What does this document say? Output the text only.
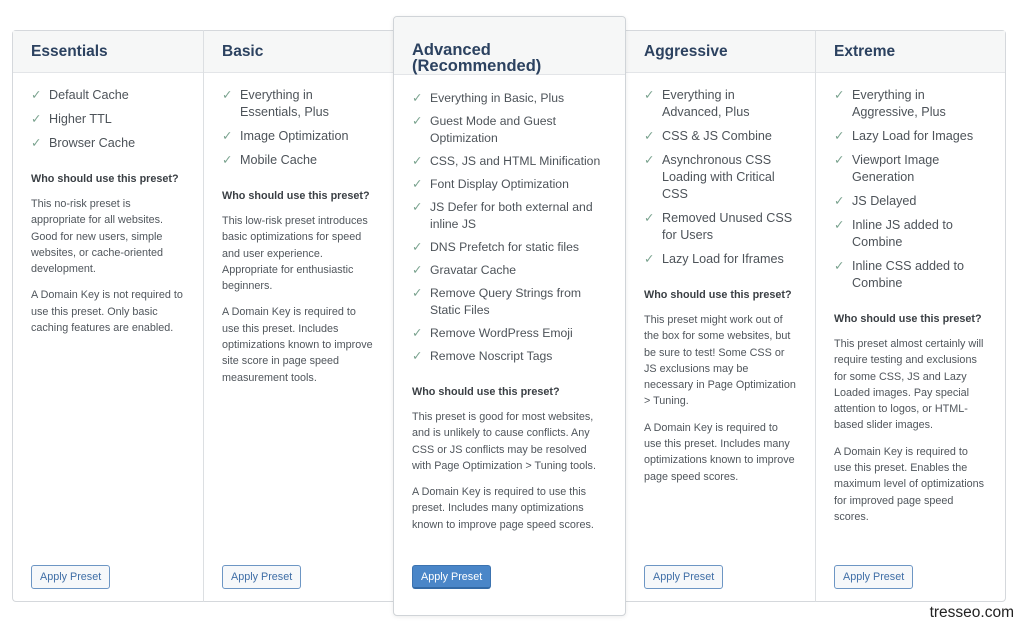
Essentials
✓ Default Cache
✓ Higher TTL
✓ Browser Cache
Who should use this preset?

This no-risk preset is appropriate for all websites. Good for new users, simple websites, or cache-oriented development.

A Domain Key is not required to use this preset. Only basic caching features are enabled.

Apply Preset
Basic
✓ Everything in Essentials, Plus
✓ Image Optimization
✓ Mobile Cache
Who should use this preset?

This low-risk preset introduces basic optimizations for speed and user experience. Appropriate for enthusiastic beginners.

A Domain Key is required to use this preset. Includes optimizations known to improve site score in page speed measurement tools.

Apply Preset
Advanced (Recommended)
✓ Everything in Basic, Plus
✓ Guest Mode and Guest Optimization
✓ CSS, JS and HTML Minification
✓ Font Display Optimization
✓ JS Defer for both external and inline JS
✓ DNS Prefetch for static files
✓ Gravatar Cache
✓ Remove Query Strings from Static Files
✓ Remove WordPress Emoji
✓ Remove Noscript Tags
Who should use this preset?

This preset is good for most websites, and is unlikely to cause conflicts. Any CSS or JS conflicts may be resolved with Page Optimization > Tuning tools.

A Domain Key is required to use this preset. Includes many optimizations known to improve page speed scores.

Apply Preset
Aggressive
✓ Everything in Advanced, Plus
✓ CSS & JS Combine
✓ Asynchronous CSS Loading with Critical CSS
✓ Removed Unused CSS for Users
✓ Lazy Load for Iframes
Who should use this preset?

This preset might work out of the box for some websites, but be sure to test! Some CSS or JS exclusions may be necessary in Page Optimization > Tuning.

A Domain Key is required to use this preset. Includes many optimizations known to improve page speed scores.

Apply Preset
Extreme
✓ Everything in Aggressive, Plus
✓ Lazy Load for Images
✓ Viewport Image Generation
✓ JS Delayed
✓ Inline JS added to Combine
✓ Inline CSS added to Combine
Who should use this preset?

This preset almost certainly will require testing and exclusions for some CSS, JS and Lazy Loaded images. Pay special attention to logos, or HTML-based slider images.

A Domain Key is required to use this preset. Enables the maximum level of optimizations for improved page speed scores.

Apply Preset
tresseo.com
